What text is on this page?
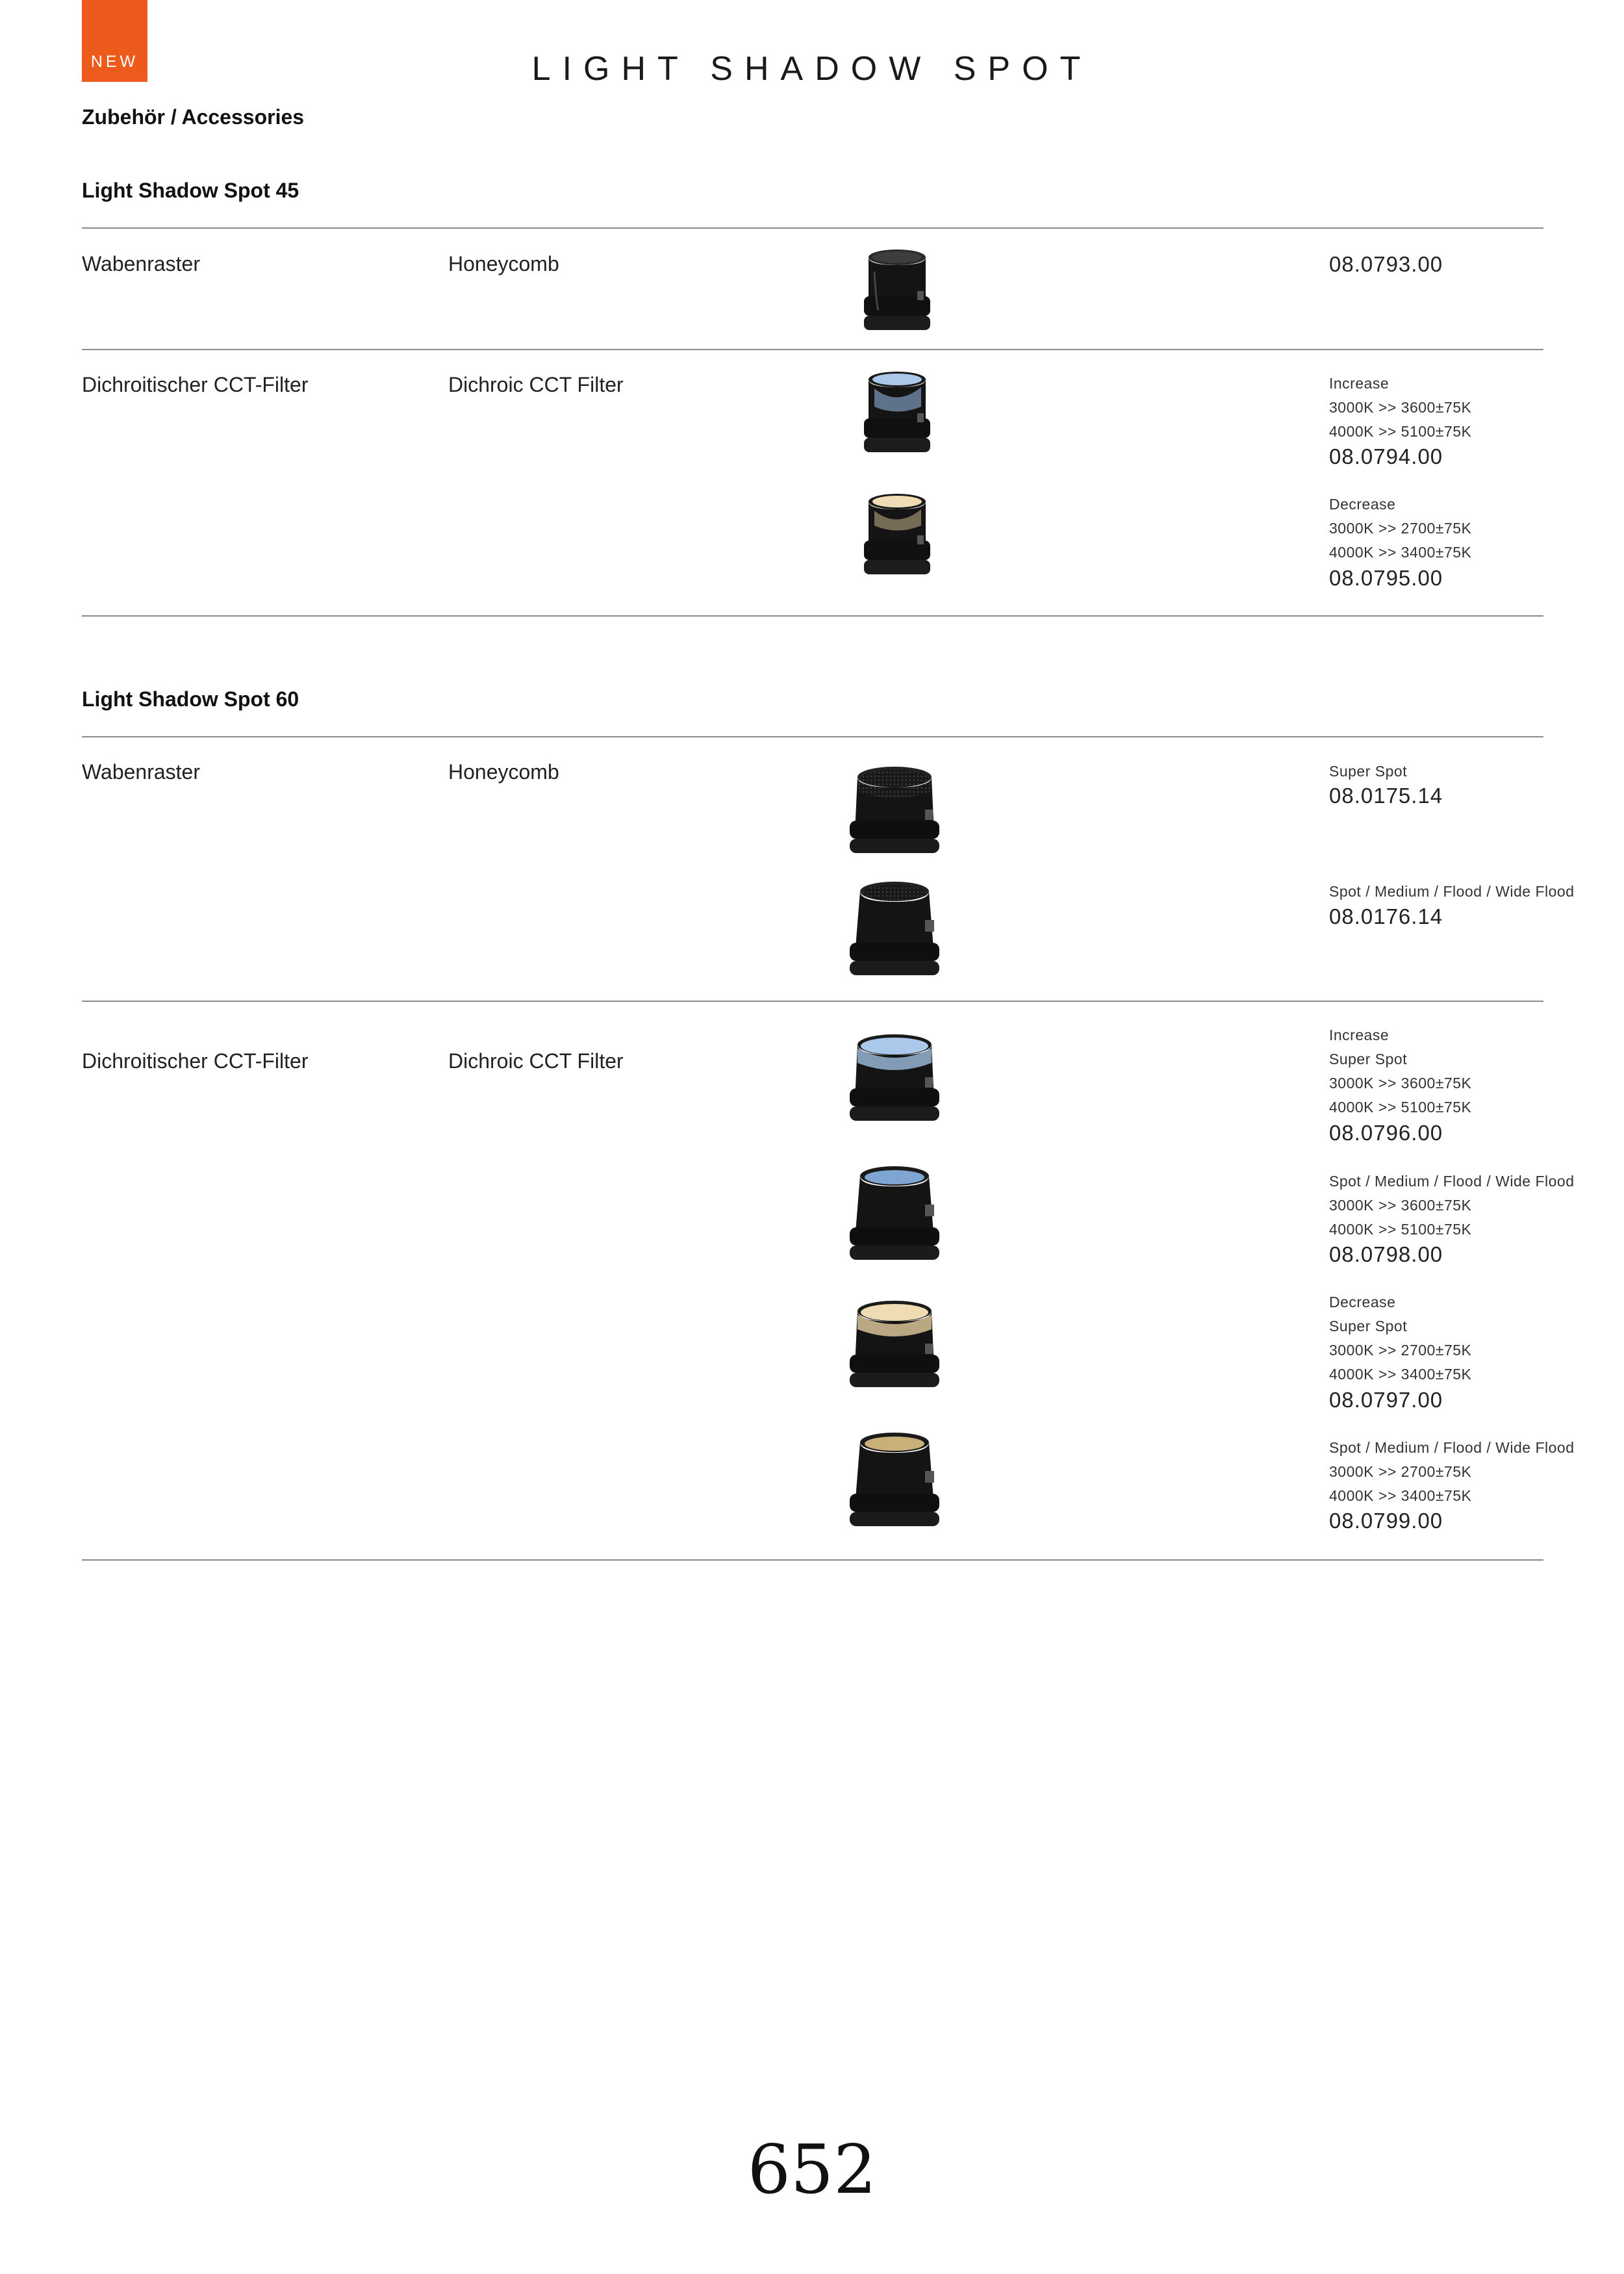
NEW	LIGHT SHADOW SPOT
Zubehör / Accessories
Light Shadow Spot 45
Wabenraster	Honeycomb	08.0793.00
Dichroitischer CCT-Filter	Dichroic CCT Filter	Increase
3000K >> 3600±75K
4000K >> 5100±75K
08.0794.00
Decrease
3000K >> 2700±75K
4000K >> 3400±75K
08.0795.00
Light Shadow Spot 60
Wabenraster	Honeycomb	Super Spot
08.0175.14
Spot / Medium / Flood / Wide Flood
08.0176.14
Dichroitischer CCT-Filter	Dichroic CCT Filter
Increase
Super Spot
3000K >> 3600±75K
4000K >> 5100±75K
08.0796.00
Spot / Medium / Flood / Wide Flood
3000K >> 3600±75K
4000K >> 5100±75K
08.0798.00
Decrease
Super Spot
3000K >> 2700±75K
4000K >> 3400±75K
08.0797.00
Spot / Medium / Flood / Wide Flood
3000K >> 2700±75K
4000K >> 3400±75K
08.0799.00
652
